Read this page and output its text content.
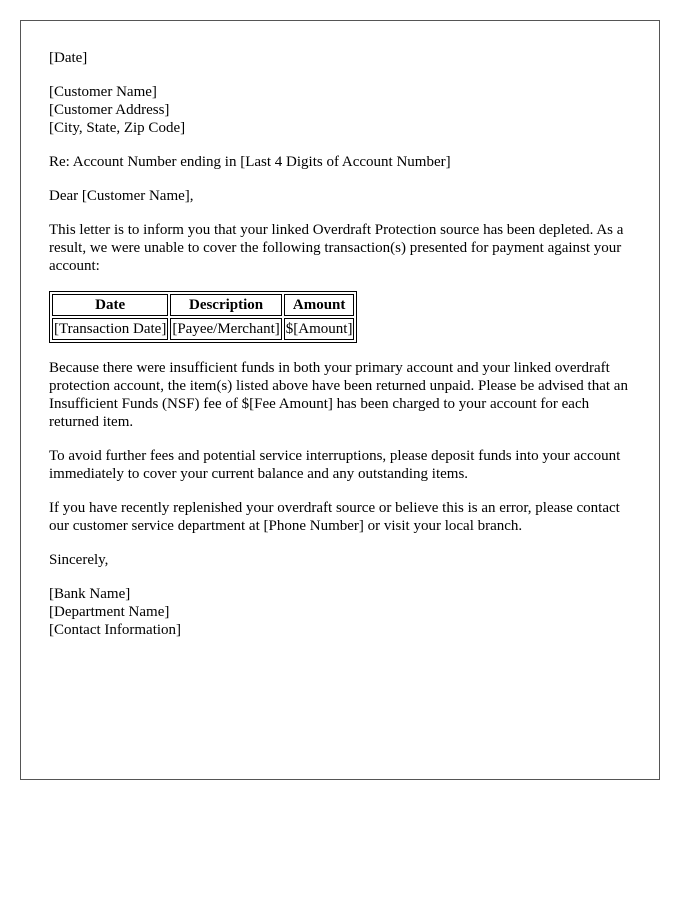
[Date]

[Customer Name]

[Customer Address]

[City, State, Zip Code]

Re: Account Number ending in [Last 4 Digits of Account Number]

Dear [Customer Name],

This letter is to inform you that your linked Overdraft Protection source has been depleted. As a result, we were unable to cover the following transaction(s) presented for payment against your account:

Date	Description	Amount
[Transaction Date]	[Payee/Merchant]	$[Amount]

Because there were insufficient funds in both your primary account and your linked overdraft protection account, the item(s) listed above have been returned unpaid. Please be advised that an Insufficient Funds (NSF) fee of $[Fee Amount] has been charged to your account for each returned item.

To avoid further fees and potential service interruptions, please deposit funds into your account immediately to cover your current balance and any outstanding items.

If you have recently replenished your overdraft source or believe this is an error, please contact our customer service department at [Phone Number] or visit your local branch.

Sincerely,

[Bank Name]

[Department Name]

[Contact Information]
